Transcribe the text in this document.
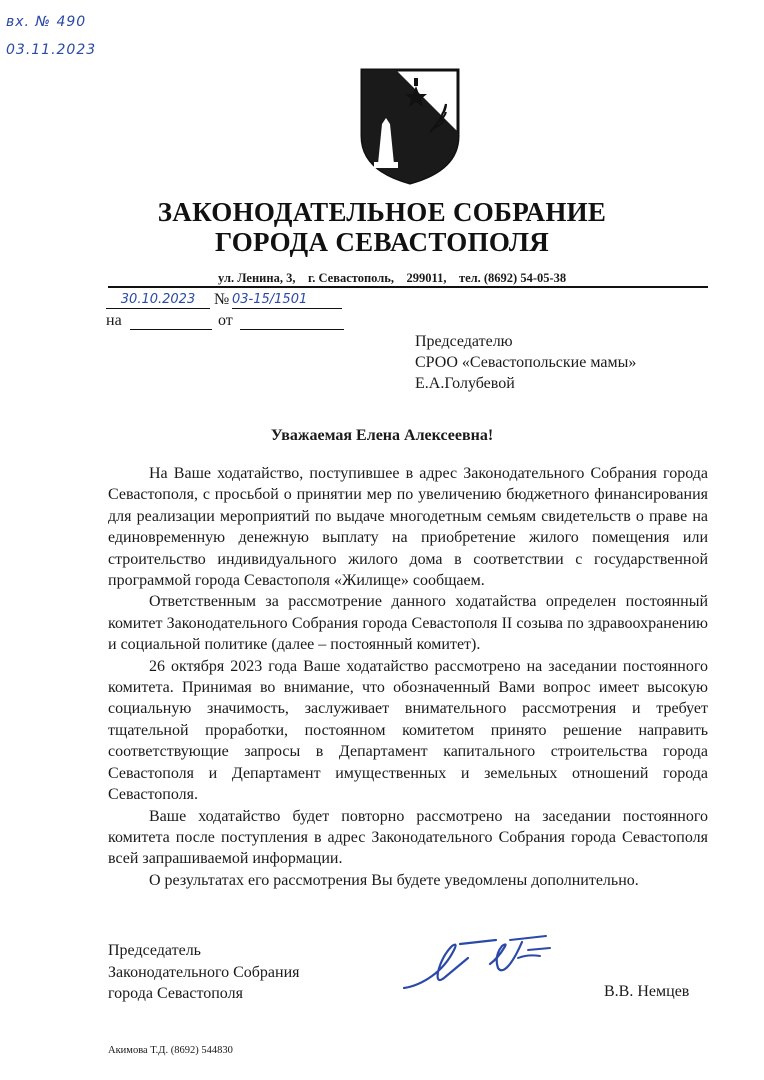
вх. № 490
03.11.2023
ЗАКОНОДАТЕЛЬНОЕ СОБРАНИЕ
ГОРОДА СЕВАСТОПОЛЯ
ул. Ленина, 3,    г. Севастополь,    299011,    тел. (8692) 54-05-38
30.10.2023	№ 03-15/1501
на	от
Председателю
СРОО «Севастопольские мамы»
Е.А.Голубевой
Уважаемая Елена Алексеевна!

На Ваше ходатайство, поступившее в адрес Законодательного Собрания города Севастополя, с просьбой о принятии мер по увеличению бюджетного финансирования для реализации мероприятий по выдаче многодетным семьям свидетельств о праве на единовременную денежную выплату на приобретение жилого помещения или строительство индивидуального жилого дома в соответствии с государственной программой города Севастополя «Жилище» сообщаем.

Ответственным за рассмотрение данного ходатайства определен постоянный комитет Законодательного Собрания города Севастополя II созыва по здравоохранению и социальной политике (далее – постоянный комитет).

26 октября 2023 года Ваше ходатайство рассмотрено на заседании постоянного комитета. Принимая во внимание, что обозначенный Вами вопрос имеет высокую социальную значимость, заслуживает внимательного рассмотрения и требует тщательной проработки, постоянном комитетом принято решение направить соответствующие запросы в Департамент капитального строительства города Севастополя и Департамент имущественных и земельных отношений города Севастополя.

Ваше ходатайство будет повторно рассмотрено на заседании постоянного комитета после поступления в адрес Законодательного Собрания города Севастополя всей запрашиваемой информации.

О результатах его рассмотрения Вы будете уведомлены дополнительно.

Председатель
Законодательного Собрания
города Севастополя	В.В. Немцев
Акимова Т.Д. (8692) 544830
